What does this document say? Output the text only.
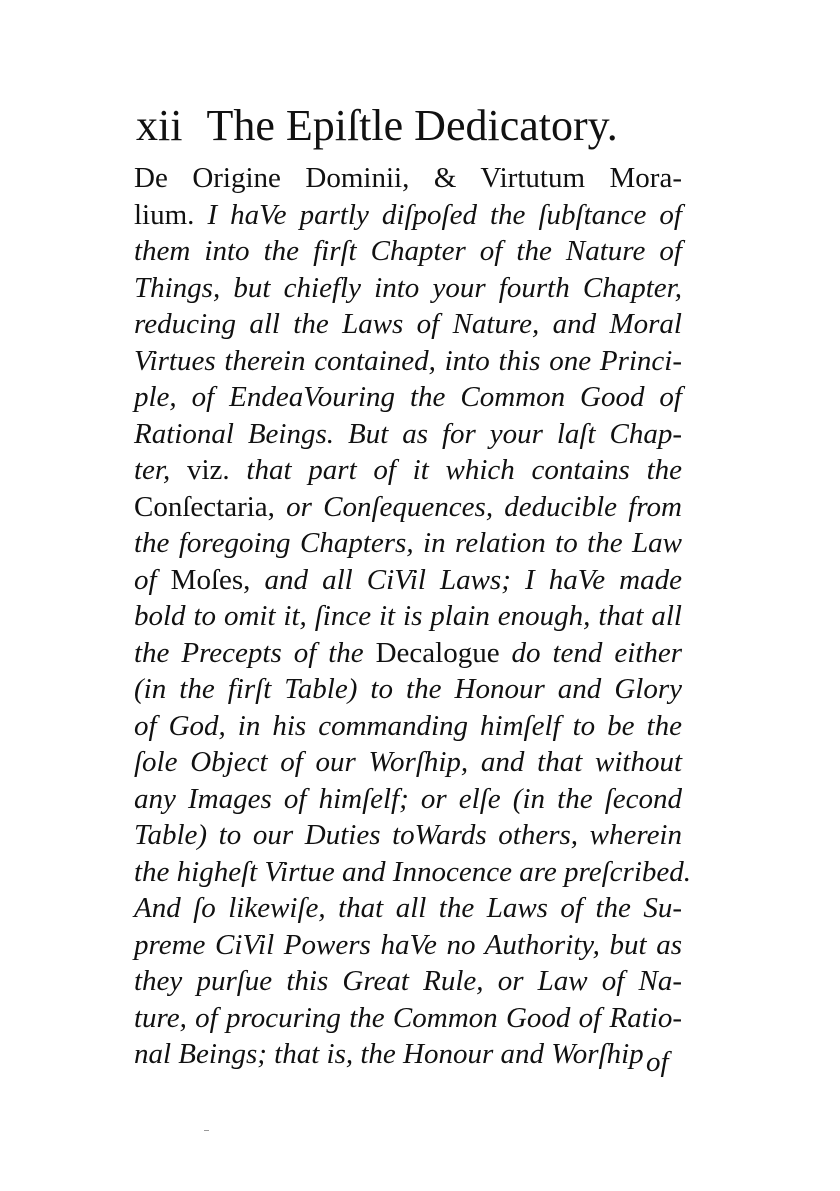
xii The Epiſtle Dedicatory.
De Origine Dominii, & Virtutum Mora-
lium. I haVe partly diſpoſed the ſubſtance of
them into the firſt Chapter of the Nature of
Things, but chiefly into your fourth Chapter,
reducing all the Laws of Nature, and Moral
Virtues therein contained, into this one Princi-
ple, of EndeaVouring the Common Good of
Rational Beings. But as for your laſt Chap-
ter, viz. that part of it which contains the
Conſectaria, or Conſequences, deducible from
the foregoing Chapters, in relation to the Law
of Moſes, and all CiVil Laws; I haVe made
bold to omit it, ſince it is plain enough, that all
the Precepts of the Decalogue do tend either
(in the firſt Table) to the Honour and Glory
of God, in his commanding himſelf to be the
ſole Object of our Worſhip, and that without
any Images of himſelf; or elſe (in the ſecond
Table) to our Duties toWards others, wherein
the higheſt Virtue and Innocence are preſcribed.
And ſo likewiſe, that all the Laws of the Su-
preme CiVil Powers haVe no Authority, but as
they purſue this Great Rule, or Law of Na-
ture, of procuring the Common Good of Ratio-
nal Beings; that is, the Honour and Worſhip of
